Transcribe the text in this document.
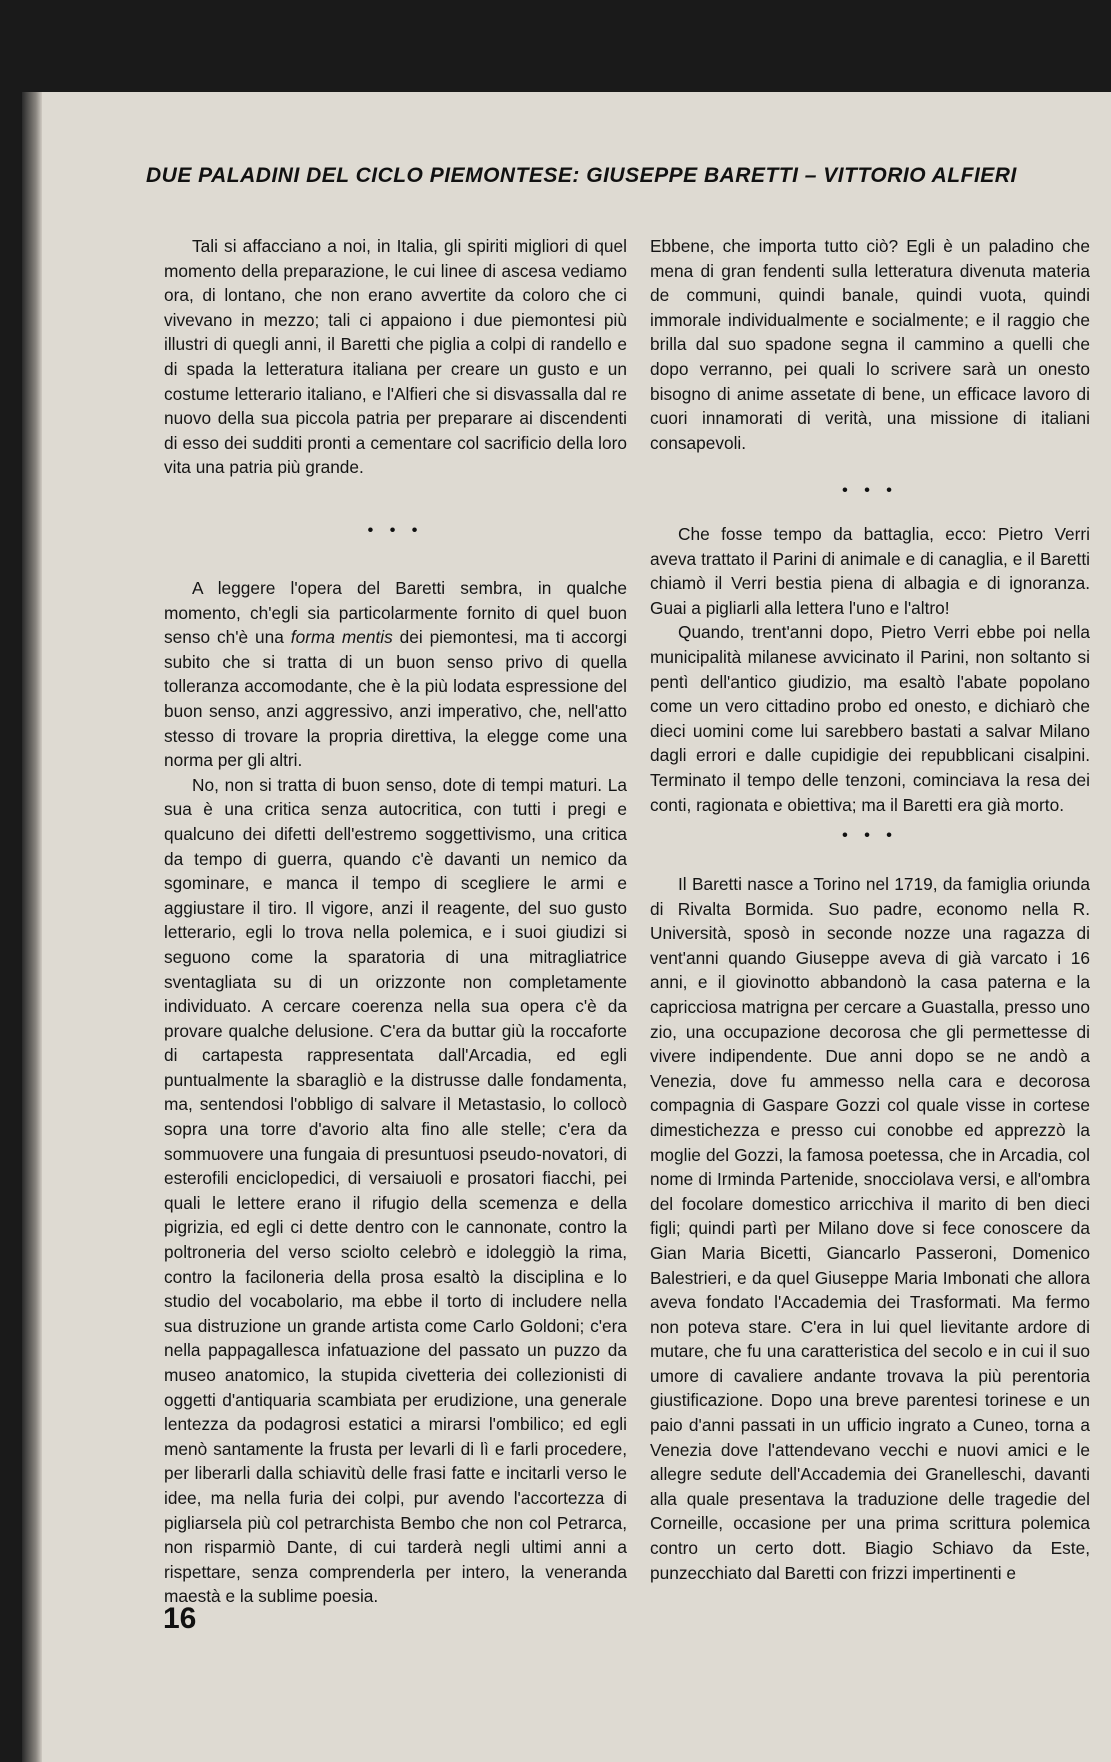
DUE PALADINI DEL CICLO PIEMONTESE: GIUSEPPE BARETTI – VITTORIO ALFIERI

Tali si affacciano a noi, in Italia, gli spiriti migliori di quel momento della preparazione, le cui linee di ascesa vediamo ora, di lontano, che non erano avvertite da coloro che ci vivevano in mezzo; tali ci appaiono i due piemontesi più illustri di quegli anni, il Baretti che piglia a colpi di randello e di spada la letteratura italiana per creare un gusto e un costume letterario italiano, e l'Alfieri che si disvassalla dal re nuovo della sua piccola patria per preparare ai discendenti di esso dei sudditi pronti a cementare col sacrificio della loro vita una patria più grande.

• • •

A leggere l'opera del Baretti sembra, in qualche momento, ch'egli sia particolarmente fornito di quel buon senso ch'è una forma mentis dei piemontesi, ma ti accorgi subito che si tratta di un buon senso privo di quella tolleranza accomodante, che è la più lodata espressione del buon senso, anzi aggressivo, anzi imperativo, che, nell'atto stesso di trovare la propria direttiva, la elegge come una norma per gli altri.

No, non si tratta di buon senso, dote di tempi maturi. La sua è una critica senza autocritica, con tutti i pregi e qualcuno dei difetti dell'estremo soggettivismo, una critica da tempo di guerra, quando c'è davanti un nemico da sgominare, e manca il tempo di scegliere le armi e aggiustare il tiro. Il vigore, anzi il reagente, del suo gusto letterario, egli lo trova nella polemica, e i suoi giudizi si seguono come la sparatoria di una mitragliatrice sventagliata su di un orizzonte non completamente individuato. A cercare coerenza nella sua opera c'è da provare qualche delusione. C'era da buttar giù la roccaforte di cartapesta rappresentata dall'Arcadia, ed egli puntualmente la sbaragliò e la distrusse dalle fondamenta, ma, sentendosi l'obbligo di salvare il Metastasio, lo collocò sopra una torre d'avorio alta fino alle stelle; c'era da sommuovere una fungaia di presuntuosi pseudo-novatori, di esterofili enciclopedici, di versaiuoli e prosatori fiacchi, pei quali le lettere erano il rifugio della scemenza e della pigrizia, ed egli ci dette dentro con le cannonate, contro la poltroneria del verso sciolto celebrò e idoleggiò la rima, contro la faciloneria della prosa esaltò la disciplina e lo studio del vocabolario, ma ebbe il torto di includere nella sua distruzione un grande artista come Carlo Goldoni; c'era nella pappagallesca infatuazione del passato un puzzo da museo anatomico, la stupida civetteria dei collezionisti di oggetti d'antiquaria scambiata per erudizione, una generale lentezza da podagrosi estatici a mirarsi l'ombilico; ed egli menò santamente la frusta per levarli di lì e farli procedere, per liberarli dalla schiavitù delle frasi fatte e incitarli verso le idee, ma nella furia dei colpi, pur avendo l'accortezza di pigliarsela più col petrarchista Bembo che non col Petrarca, non risparmiò Dante, di cui tarderà negli ultimi anni a rispettare, senza comprenderla per intero, la veneranda maestà e la sublime poesia.

Ebbene, che importa tutto ciò? Egli è un paladino che mena di gran fendenti sulla letteratura divenuta materia de communi, quindi banale, quindi vuota, quindi immorale individualmente e socialmente; e il raggio che brilla dal suo spadone segna il cammino a quelli che dopo verranno, pei quali lo scrivere sarà un onesto bisogno di anime assetate di bene, un efficace lavoro di cuori innamorati di verità, una missione di italiani consapevoli.

• • •

Che fosse tempo da battaglia, ecco: Pietro Verri aveva trattato il Parini di animale e di canaglia, e il Baretti chiamò il Verri bestia piena di albagia e di ignoranza. Guai a pigliarli alla lettera l'uno e l'altro!

Quando, trent'anni dopo, Pietro Verri ebbe poi nella municipalità milanese avvicinato il Parini, non soltanto si pentì dell'antico giudizio, ma esaltò l'abate popolano come un vero cittadino probo ed onesto, e dichiarò che dieci uomini come lui sarebbero bastati a salvar Milano dagli errori e dalle cupidigie dei repubblicani cisalpini. Terminato il tempo delle tenzoni, cominciava la resa dei conti, ragionata e obiettiva; ma il Baretti era già morto.

• • •

Il Baretti nasce a Torino nel 1719, da famiglia oriunda di Rivalta Bormida. Suo padre, economo nella R. Università, sposò in seconde nozze una ragazza di vent'anni quando Giuseppe aveva di già varcato i 16 anni, e il giovinotto abbandonò la casa paterna e la capricciosa matrigna per cercare a Guastalla, presso uno zio, una occupazione decorosa che gli permettesse di vivere indipendente. Due anni dopo se ne andò a Venezia, dove fu ammesso nella cara e decorosa compagnia di Gaspare Gozzi col quale visse in cortese dimestichezza e presso cui conobbe ed apprezzò la moglie del Gozzi, la famosa poetessa, che in Arcadia, col nome di Irminda Partenide, snocciolava versi, e all'ombra del focolare domestico arricchiva il marito di ben dieci figli; quindi partì per Milano dove si fece conoscere da Gian Maria Bicetti, Giancarlo Passeroni, Domenico Balestrieri, e da quel Giuseppe Maria Imbonati che allora aveva fondato l'Accademia dei Trasformati. Ma fermo non poteva stare. C'era in lui quel lievitante ardore di mutare, che fu una caratteristica del secolo e in cui il suo umore di cavaliere andante trovava la più perentoria giustificazione. Dopo una breve parentesi torinese e un paio d'anni passati in un ufficio ingrato a Cuneo, torna a Venezia dove l'attendevano vecchi e nuovi amici e le allegre sedute dell'Accademia dei Granelleschi, davanti alla quale presentava la traduzione delle tragedie del Corneille, occasione per una prima scrittura polemica contro un certo dott. Biagio Schiavo da Este, punzecchiato dal Baretti con frizzi impertinenti e

16
